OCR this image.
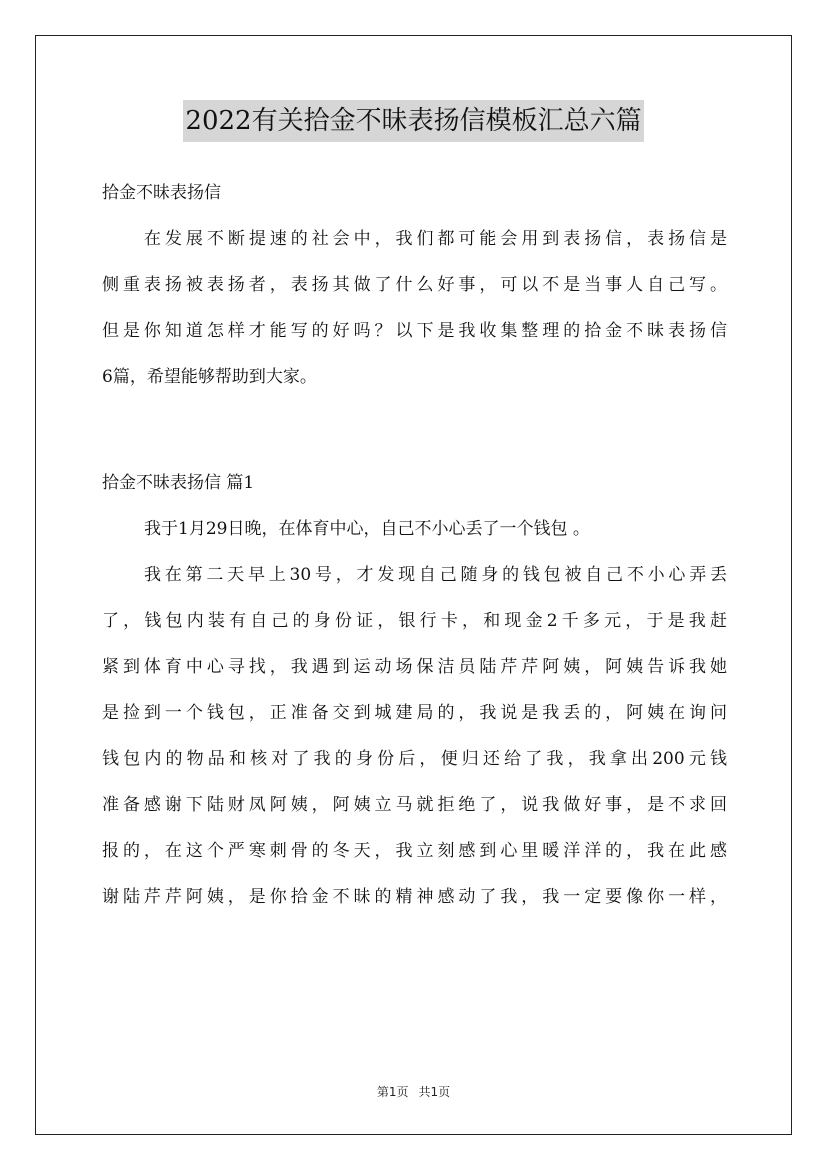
2022有关拾金不昧表扬信模板汇总六篇
拾金不昧表扬信
在发展不断提速的社会中，我们都可能会用到表扬信，表扬信是
侧重表扬被表扬者，表扬其做了什么好事，可以不是当事人自己写。
但是你知道怎样才能写的好吗？以下是我收集整理的拾金不昧表扬信
6篇，希望能够帮助到大家。
拾金不昧表扬信 篇1
我于1月29日晚，在体育中心，自己不小心丢了一个钱包 。
我在第二天早上30号，才发现自己随身的钱包被自己不小心弄丢
了，钱包内装有自己的身份证，银行卡，和现金2千多元，于是我赶
紧到体育中心寻找，我遇到运动场保洁员陆芹芹阿姨，阿姨告诉我她
是捡到一个钱包，正准备交到城建局的，我说是我丢的，阿姨在询问
钱包内的物品和核对了我的身份后，便归还给了我，我拿出200元钱
准备感谢下陆财凤阿姨，阿姨立马就拒绝了，说我做好事，是不求回
报的，在这个严寒刺骨的冬天，我立刻感到心里暖洋洋的，我在此感
谢陆芹芹阿姨，是你拾金不昧的精神感动了我，我一定要像你一样，
第1页 共1页
